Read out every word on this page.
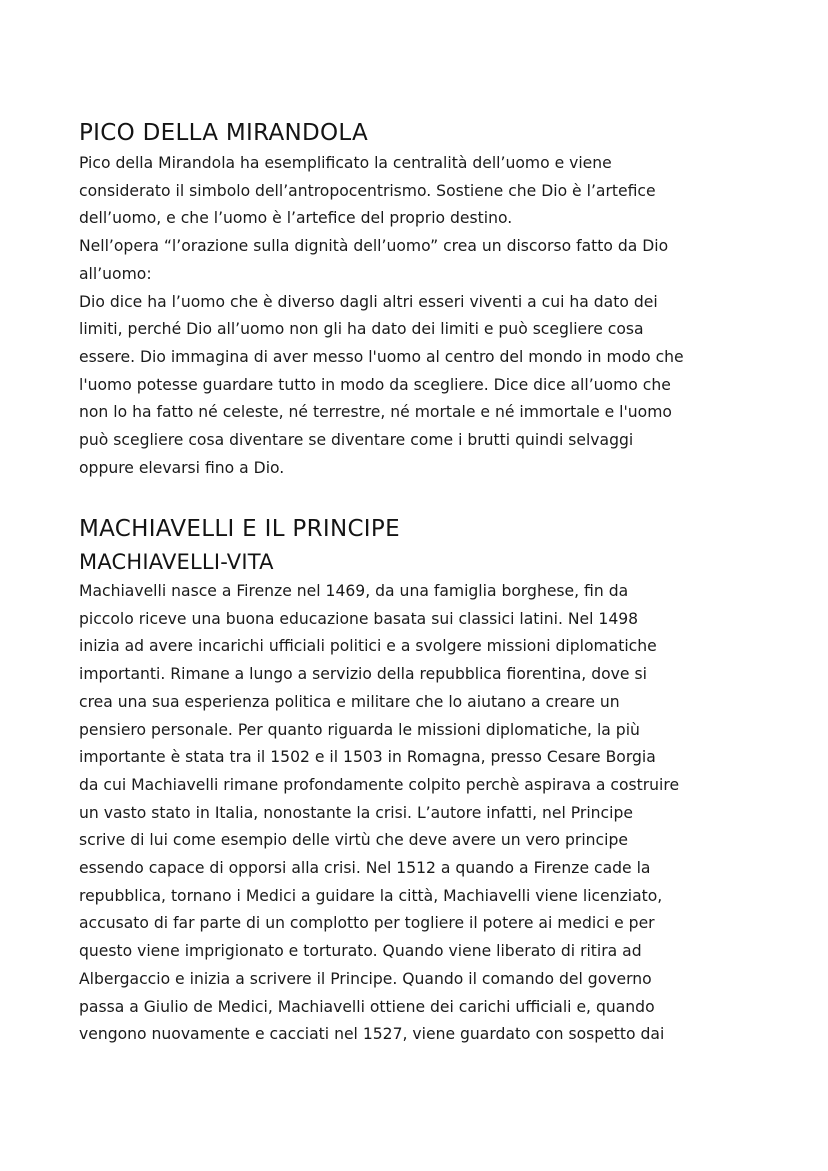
PICO DELLA MIRANDOLA

Pico della Mirandola ha esemplificato la centralità dell’uomo e viene
considerato il simbolo dell’antropocentrismo. Sostiene che Dio è l’artefice
dell’uomo, e che l’uomo è l’artefice del proprio destino.
Nell’opera “l’orazione sulla dignità dell’uomo” crea un discorso fatto da Dio
all’uomo:
Dio dice ha l’uomo che è diverso dagli altri esseri viventi a cui ha dato dei
limiti, perché Dio all’uomo non gli ha dato dei limiti e può scegliere cosa
essere. Dio immagina di aver messo l'uomo al centro del mondo in modo che
l'uomo potesse guardare tutto in modo da scegliere. Dice dice all’uomo che
non lo ha fatto né celeste, né terrestre, né mortale e né immortale e l'uomo
può scegliere cosa diventare se diventare come i brutti quindi selvaggi
oppure elevarsi fino a Dio.

MACHIAVELLI E IL PRINCIPE
MACHIAVELLI-VITA

Machiavelli nasce a Firenze nel 1469, da una famiglia borghese, fin da
piccolo riceve una buona educazione basata sui classici latini. Nel 1498
inizia ad avere incarichi ufficiali politici e a svolgere missioni diplomatiche
importanti. Rimane a lungo a servizio della repubblica fiorentina, dove si
crea una sua esperienza politica e militare che lo aiutano a creare un
pensiero personale. Per quanto riguarda le missioni diplomatiche, la più
importante è stata tra il 1502 e il 1503 in Romagna, presso Cesare Borgia
da cui Machiavelli rimane profondamente colpito perchè aspirava a costruire
un vasto stato in Italia, nonostante la crisi. L’autore infatti, nel Principe
scrive di lui come esempio delle virtù che deve avere un vero principe
essendo capace di opporsi alla crisi. Nel 1512 a quando a Firenze cade la
repubblica, tornano i Medici a guidare la città, Machiavelli viene licenziato,
accusato di far parte di un complotto per togliere il potere ai medici e per
questo viene imprigionato e torturato. Quando viene liberato di ritira ad
Albergaccio e inizia a scrivere il Principe. Quando il comando del governo
passa a Giulio de Medici, Machiavelli ottiene dei carichi ufficiali e, quando
vengono nuovamente e cacciati nel 1527, viene guardato con sospetto dai
